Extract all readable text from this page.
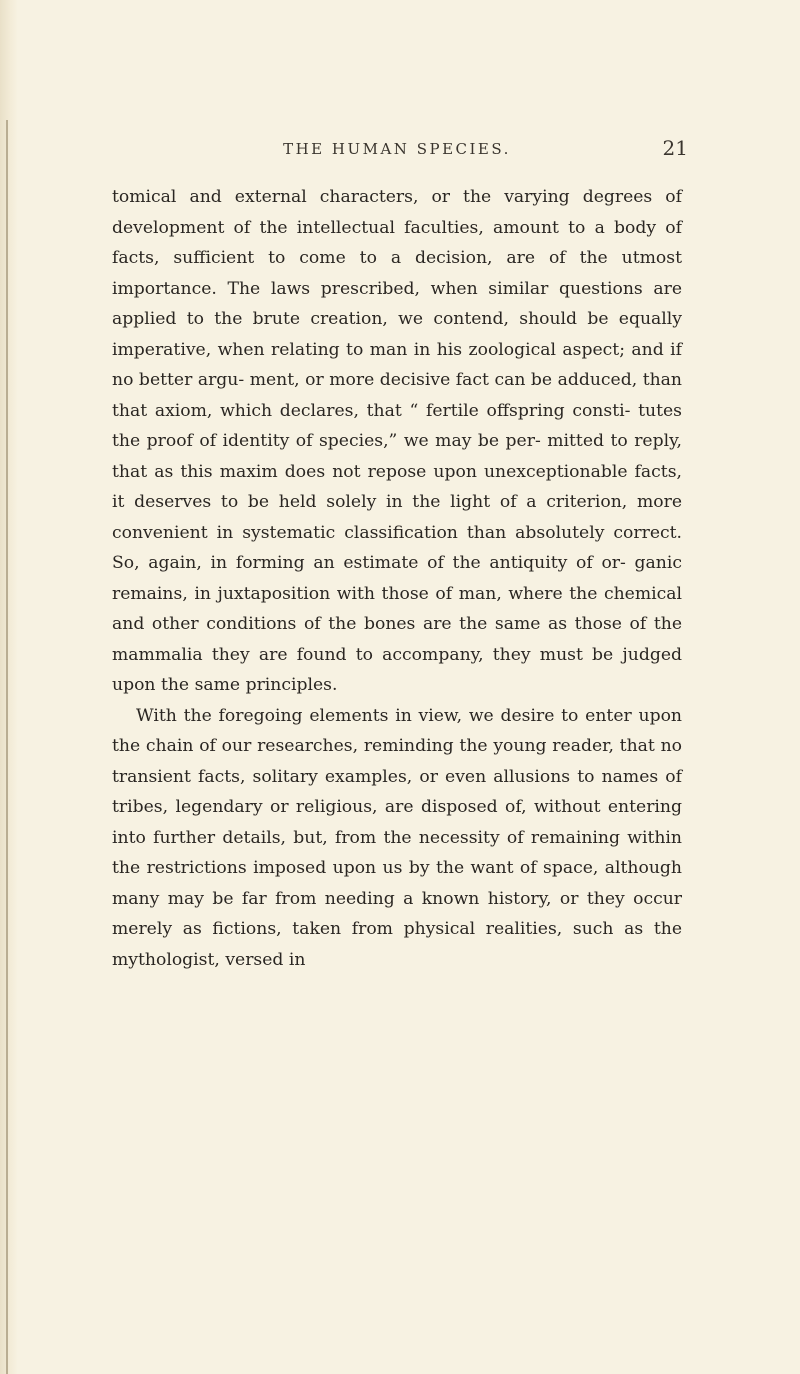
THE HUMAN SPECIES.	21

tomical and external characters, or the varying degrees of development of the intellectual faculties, amount to a body of facts, sufficient to come to a decision, are of the utmost importance. The laws prescribed, when similar questions are applied to the brute creation, we contend, should be equally imperative, when relating to man in his zoological aspect; and if no better argu- ment, or more decisive fact can be adduced, than that axiom, which declares, that “ fertile offspring consti- tutes the proof of identity of species,” we may be per- mitted to reply, that as this maxim does not repose upon unexceptionable facts, it deserves to be held solely in the light of a criterion, more convenient in systematic classification than absolutely correct. So, again, in forming an estimate of the antiquity of or- ganic remains, in juxtaposition with those of man, where the chemical and other conditions of the bones are the same as those of the mammalia they are found to accompany, they must be judged upon the same principles.

With the foregoing elements in view, we desire to enter upon the chain of our researches, reminding the young reader, that no transient facts, solitary examples, or even allusions to names of tribes, legendary or religious, are disposed of, without entering into further details, but, from the necessity of remaining within the restrictions imposed upon us by the want of space, although many may be far from needing a known history, or they occur merely as fictions, taken from physical realities, such as the mythologist, versed in
